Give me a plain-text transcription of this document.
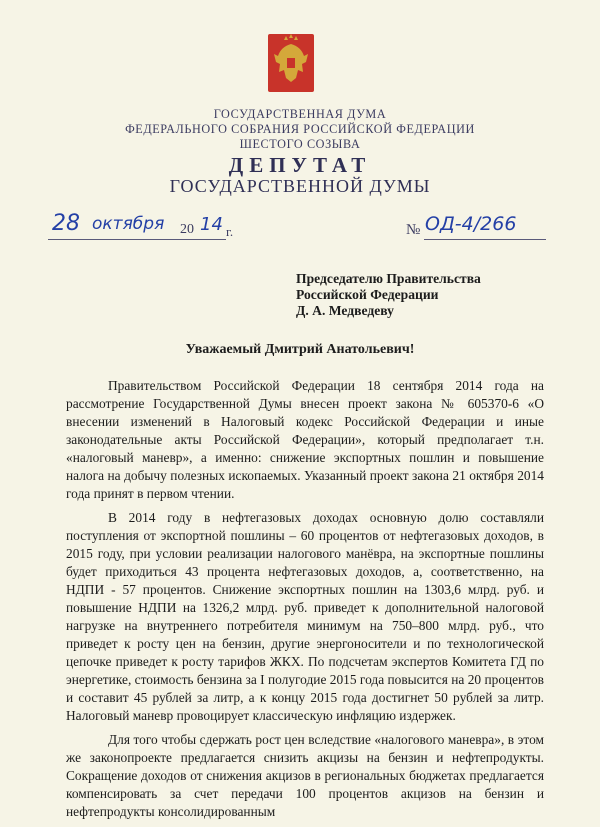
ГОСУДАРСТВЕННАЯ ДУМА
ФЕДЕРАЛЬНОГО СОБРАНИЯ РОССИЙСКОЙ ФЕДЕРАЦИИ
ШЕСТОГО СОЗЫВА
ДЕПУТАТ
ГОСУДАРСТВЕННОЙ ДУМЫ
28 октября 20 14 г.	№ ОД-4/266
Председателю Правительства
Российской Федерации
Д. А. Медведеву
Уважаемый Дмитрий Анатольевич!

Правительством Российской Федерации 18 сентября 2014 года на рассмотрение Государственной Думы внесен проект закона № 605370-6 «О внесении изменений в Налоговый кодекс Российской Федерации и иные законодательные акты Российской Федерации», который предполагает т.н. «налоговый маневр», а именно: снижение экспортных пошлин и повышение налога на добычу полезных ископаемых. Указанный проект закона 21 октября 2014 года принят в первом чтении.

В 2014 году в нефтегазовых доходах основную долю составляли поступления от экспортной пошлины – 60 процентов от нефтегазовых доходов, в 2015 году, при условии реализации налогового манёвра, на экспортные пошлины будет приходиться 43 процента нефтегазовых доходов, а, соответственно, на НДПИ - 57 процентов. Снижение экспортных пошлин на 1303,6 млрд. руб. и повышение НДПИ на 1326,2 млрд. руб. приведет к дополнительной налоговой нагрузке на внутреннего потребителя минимум на 750–800 млрд. руб., что приведет к росту цен на бензин, другие энергоносители и по технологической цепочке приведет к росту тарифов ЖКХ. По подсчетам экспертов Комитета ГД по энергетике, стоимость бензина за I полугодие 2015 года повысится на 20 процентов и составит 45 рублей за литр, а к концу 2015 года достигнет 50 рублей за литр. Налоговый маневр провоцирует классическую инфляцию издержек.

Для того чтобы сдержать рост цен вследствие «налогового маневра», в этом же законопроекте предлагается снизить акцизы на бензин и нефтепродукты. Сокращение доходов от снижения акцизов в региональных бюджетах предлагается компенсировать за счет передачи 100 процентов акцизов на бензин и нефтепродукты консолидированным
